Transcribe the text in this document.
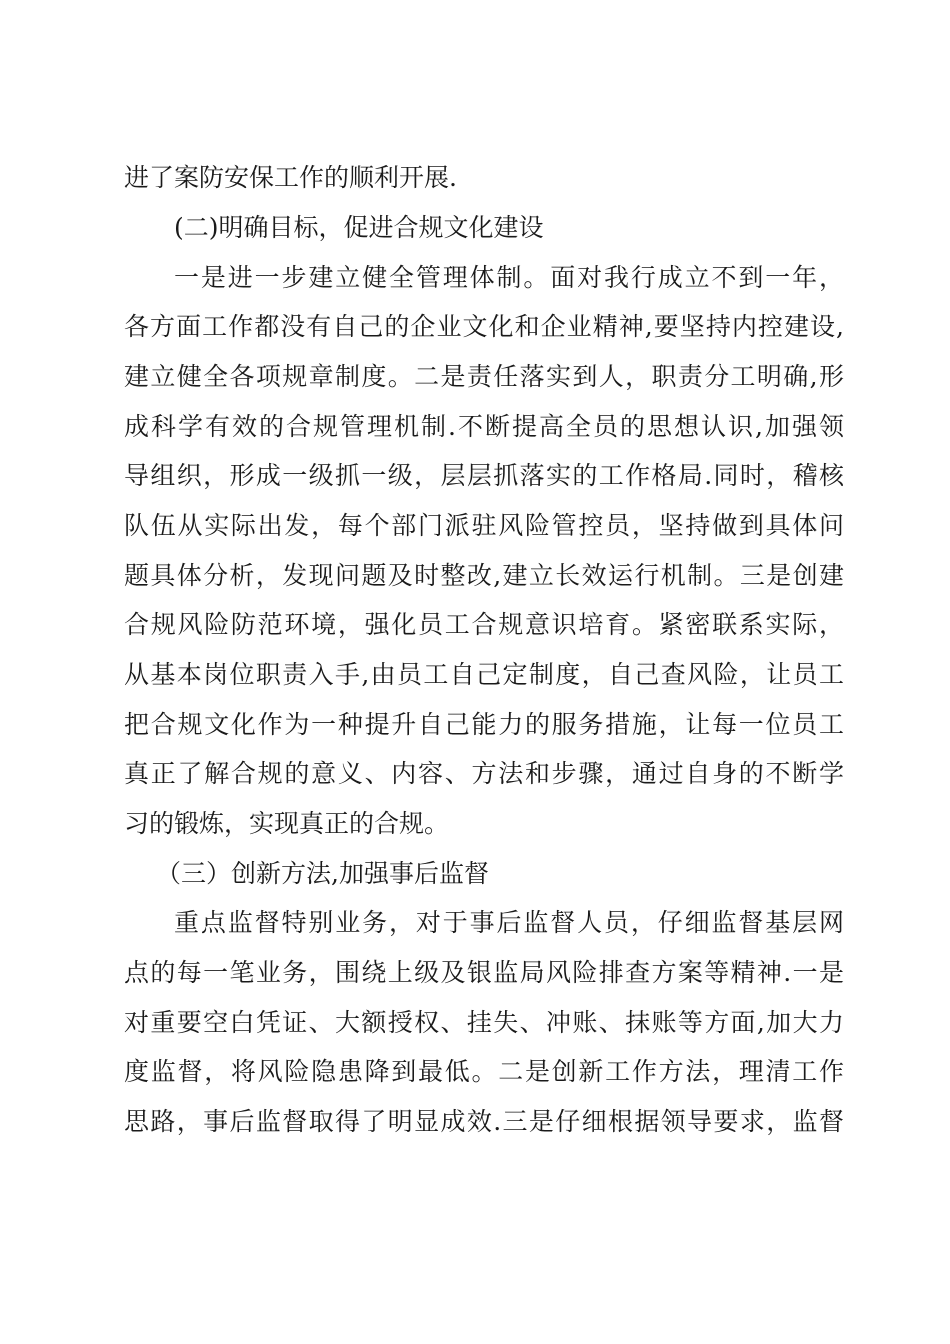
进了案防安保工作的顺利开展.
(二)明确目标，促进合规文化建设
一是进一步建立健全管理体制。面对我行成立不到一年，
各方面工作都没有自己的企业文化和企业精神,要坚持内控建设,
建立健全各项规章制度。二是责任落实到人，职责分工明确,形
成科学有效的合规管理机制.不断提高全员的思想认识,加强领
导组织，形成一级抓一级，层层抓落实的工作格局.同时，稽核
队伍从实际出发，每个部门派驻风险管控员，坚持做到具体问
题具体分析，发现问题及时整改,建立长效运行机制。三是创建
合规风险防范环境，强化员工合规意识培育。紧密联系实际，
从基本岗位职责入手,由员工自己定制度，自己查风险，让员工
把合规文化作为一种提升自己能力的服务措施，让每一位员工
真正了解合规的意义、内容、方法和步骤，通过自身的不断学
习的锻炼，实现真正的合规。
（三）创新方法,加强事后监督
重点监督特别业务，对于事后监督人员，仔细监督基层网
点的每一笔业务，围绕上级及银监局风险排查方案等精神.一是
对重要空白凭证、大额授权、挂失、冲账、抹账等方面,加大力
度监督，将风险隐患降到最低。二是创新工作方法，理清工作
思路，事后监督取得了明显成效.三是仔细根据领导要求，监督
